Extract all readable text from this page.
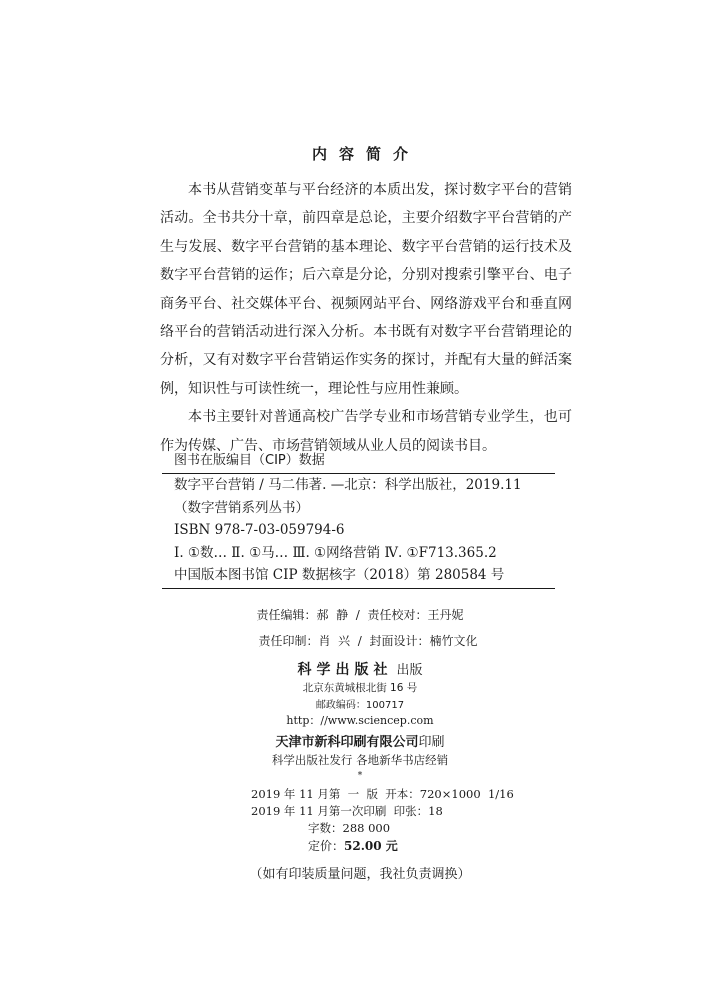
内容简介

本书从营销变革与平台经济的本质出发，探讨数字平台的营销活动。全书共分十章，前四章是总论，主要介绍数字平台营销的产生与发展、数字平台营销的基本理论、数字平台营销的运行技术及数字平台营销的运作；后六章是分论，分别对搜索引擎平台、电子商务平台、社交媒体平台、视频网站平台、网络游戏平台和垂直网络平台的营销活动进行深入分析。本书既有对数字平台营销理论的分析，又有对数字平台营销运作实务的探讨，并配有大量的鲜活案例，知识性与可读性统一，理论性与应用性兼顾。

本书主要针对普通高校广告学专业和市场营销专业学生，也可作为传媒、广告、市场营销领域从业人员的阅读书目。

图书在版编目（CIP）数据
数字平台营销 / 马二伟著. —北京：科学出版社，2019.11
（数字营销系列丛书）
ISBN 978-7-03-059794-6
Ⅰ. ①数… Ⅱ. ①马… Ⅲ. ①网络营销 Ⅳ. ①F713.365.2
中国版本图书馆 CIP 数据核字（2018）第 280584 号
责任编辑：郝  静  /  责任校对：王丹妮
责任印制：肖  兴  /  封面设计：楠竹文化
科学出版社 出版
北京东黄城根北街 16 号
邮政编码：100717
http：//www.sciencep.com
天津市新科印刷有限公司印刷
科学出版社发行 各地新华书店经销
*
2019 年 11 月第  一  版  开本：720×1000  1/16
2019 年 11 月第一次印刷  印张：18
字数：288 000
定价：52.00 元
（如有印装质量问题，我社负责调换）
